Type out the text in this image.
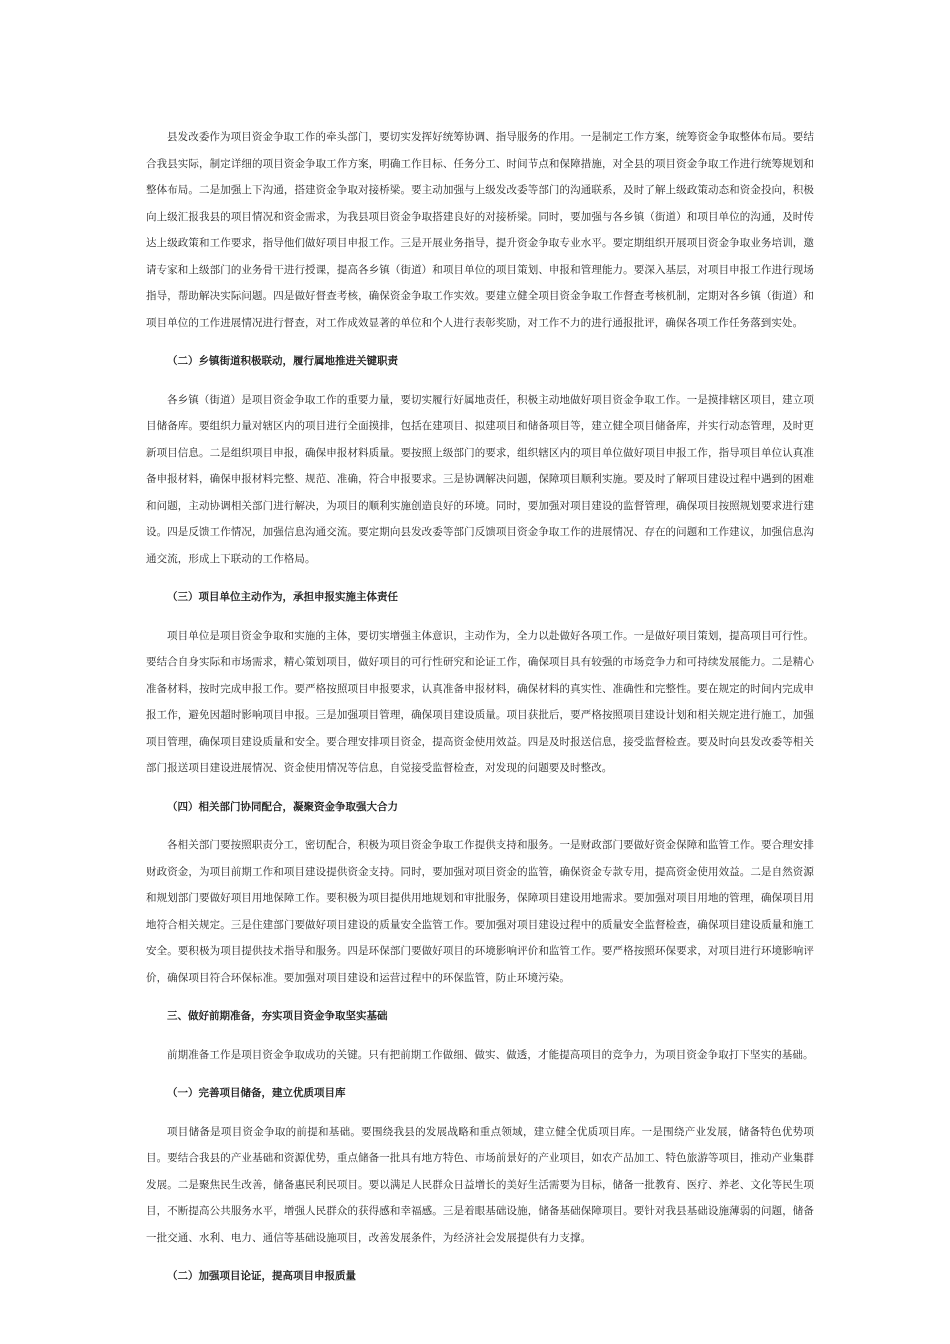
县发改委作为项目资金争取工作的牵头部门，要切实发挥好统筹协调、指导服务的作用。一是制定工作方案，统筹资金争取整体布局。要结合我县实际，制定详细的项目资金争取工作方案，明确工作目标、任务分工、时间节点和保障措施，对全县的项目资金争取工作进行统筹规划和整体布局。二是加强上下沟通，搭建资金争取对接桥梁。要主动加强与上级发改委等部门的沟通联系，及时了解上级政策动态和资金投向，积极向上级汇报我县的项目情况和资金需求，为我县项目资金争取搭建良好的对接桥梁。同时，要加强与各乡镇（街道）和项目单位的沟通，及时传达上级政策和工作要求，指导他们做好项目申报工作。三是开展业务指导，提升资金争取专业水平。要定期组织开展项目资金争取业务培训，邀请专家和上级部门的业务骨干进行授课，提高各乡镇（街道）和项目单位的项目策划、申报和管理能力。要深入基层，对项目申报工作进行现场指导，帮助解决实际问题。四是做好督查考核，确保资金争取工作实效。要建立健全项目资金争取工作督查考核机制，定期对各乡镇（街道）和项目单位的工作进展情况进行督查，对工作成效显著的单位和个人进行表彰奖励，对工作不力的进行通报批评，确保各项工作任务落到实处。

（二）乡镇街道积极联动，履行属地推进关键职责

各乡镇（街道）是项目资金争取工作的重要力量，要切实履行好属地责任，积极主动地做好项目资金争取工作。一是摸排辖区项目，建立项目储备库。要组织力量对辖区内的项目进行全面摸排，包括在建项目、拟建项目和储备项目等，建立健全项目储备库，并实行动态管理，及时更新项目信息。二是组织项目申报，确保申报材料质量。要按照上级部门的要求，组织辖区内的项目单位做好项目申报工作，指导项目单位认真准备申报材料，确保申报材料完整、规范、准确，符合申报要求。三是协调解决问题，保障项目顺利实施。要及时了解项目建设过程中遇到的困难和问题，主动协调相关部门进行解决，为项目的顺利实施创造良好的环境。同时，要加强对项目建设的监督管理，确保项目按照规划要求进行建设。四是反馈工作情况，加强信息沟通交流。要定期向县发改委等部门反馈项目资金争取工作的进展情况、存在的问题和工作建议，加强信息沟通交流，形成上下联动的工作格局。

（三）项目单位主动作为，承担申报实施主体责任

项目单位是项目资金争取和实施的主体，要切实增强主体意识，主动作为，全力以赴做好各项工作。一是做好项目策划，提高项目可行性。要结合自身实际和市场需求，精心策划项目，做好项目的可行性研究和论证工作，确保项目具有较强的市场竞争力和可持续发展能力。二是精心准备材料，按时完成申报工作。要严格按照项目申报要求，认真准备申报材料，确保材料的真实性、准确性和完整性。要在规定的时间内完成申报工作，避免因超时影响项目申报。三是加强项目管理，确保项目建设质量。项目获批后，要严格按照项目建设计划和相关规定进行施工，加强项目管理，确保项目建设质量和安全。要合理安排项目资金，提高资金使用效益。四是及时报送信息，接受监督检查。要及时向县发改委等相关部门报送项目建设进展情况、资金使用情况等信息，自觉接受监督检查，对发现的问题要及时整改。

（四）相关部门协同配合，凝聚资金争取强大合力

各相关部门要按照职责分工，密切配合，积极为项目资金争取工作提供支持和服务。一是财政部门要做好资金保障和监管工作。要合理安排财政资金，为项目前期工作和项目建设提供资金支持。同时，要加强对项目资金的监管，确保资金专款专用，提高资金使用效益。二是自然资源和规划部门要做好项目用地保障工作。要积极为项目提供用地规划和审批服务，保障项目建设用地需求。要加强对项目用地的管理，确保项目用地符合相关规定。三是住建部门要做好项目建设的质量安全监管工作。要加强对项目建设过程中的质量安全监督检查，确保项目建设质量和施工安全。要积极为项目提供技术指导和服务。四是环保部门要做好项目的环境影响评价和监管工作。要严格按照环保要求，对项目进行环境影响评价，确保项目符合环保标准。要加强对项目建设和运营过程中的环保监管，防止环境污染。

三、做好前期准备，夯实项目资金争取坚实基础

前期准备工作是项目资金争取成功的关键。只有把前期工作做细、做实、做透，才能提高项目的竞争力，为项目资金争取打下坚实的基础。

（一）完善项目储备，建立优质项目库

项目储备是项目资金争取的前提和基础。要围绕我县的发展战略和重点领域，建立健全优质项目库。一是围绕产业发展，储备特色优势项目。要结合我县的产业基础和资源优势，重点储备一批具有地方特色、市场前景好的产业项目，如农产品加工、特色旅游等项目，推动产业集群发展。二是聚焦民生改善，储备惠民利民项目。要以满足人民群众日益增长的美好生活需要为目标，储备一批教育、医疗、养老、文化等民生项目，不断提高公共服务水平，增强人民群众的获得感和幸福感。三是着眼基础设施，储备基础保障项目。要针对我县基础设施薄弱的问题，储备一批交通、水利、电力、通信等基础设施项目，改善发展条件，为经济社会发展提供有力支撑。

（二）加强项目论证，提高项目申报质量
